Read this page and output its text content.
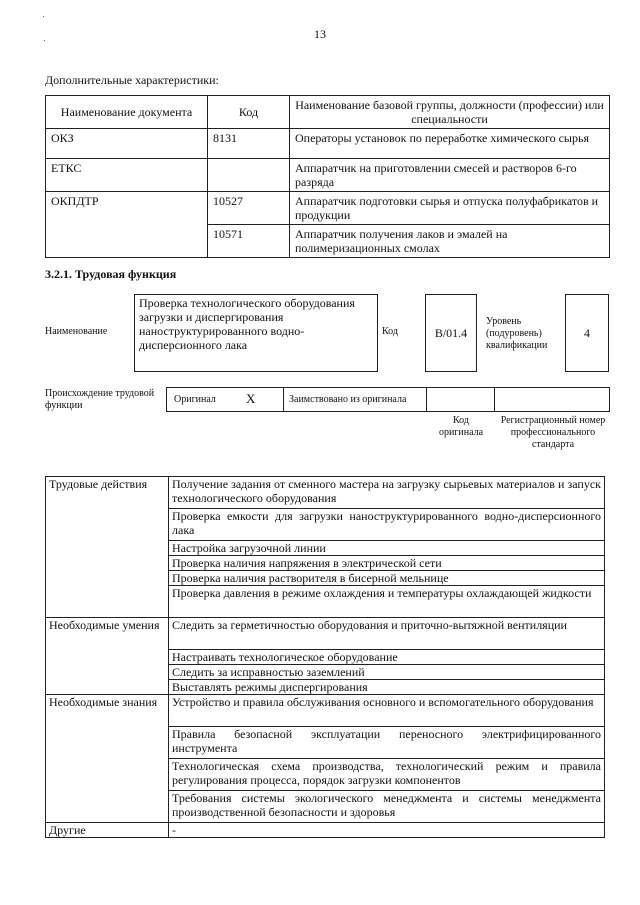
13
Дополнительные характеристики:
Наименование документа	Код	Наименование базовой группы, должности (профессии) или специальности
ОКЗ	8131	Операторы установок по переработке химического сырья
ЕТКС		Аппаратчик на приготовлении смесей и растворов 6-го разряда
ОКПДТР	10527	Аппаратчик подготовки сырья и отпуска полуфабрикатов и продукции
	10571	Аппаратчик получения лаков и эмалей на полимеризационных смолах
3.2.1. Трудовая функция
Наименование
Проверка технологического оборудования загрузки и диспергирования наноструктурированного водно-дисперсионного лака
Код	B/01.4
Уровень (подуровень) квалификации
4
Происхождение трудовой функции
Оригинал X	Заимствовано из оригинала
Код оригинала
Регистрационный номер профессионального стандарта
Трудовые действия	Получение задания от сменного мастера на загрузку сырьевых материалов и запуск технологического оборудования
	Проверка емкости для загрузки наноструктурированного водно-дисперсионного лака
	Настройка загрузочной линии
	Проверка наличия напряжения в электрической сети
	Проверка наличия растворителя в бисерной мельнице
	Проверка давления в режиме охлаждения и температуры охлаждающей жидкости
Необходимые умения	Следить за герметичностью оборудования и приточно-вытяжной вентиляции
	Настраивать технологическое оборудование
	Следить за исправностью заземлений
	Выставлять режимы диспергирования
Необходимые знания	Устройство и правила обслуживания основного и вспомогательного оборудования
	Правила безопасной эксплуатации переносного электрифицированного инструмента
	Технологическая схема производства, технологический режим и правила регулирования процесса, порядок загрузки компонентов
	Требования системы экологического менеджмента и системы менеджмента производственной безопасности и здоровья
Другие	-
